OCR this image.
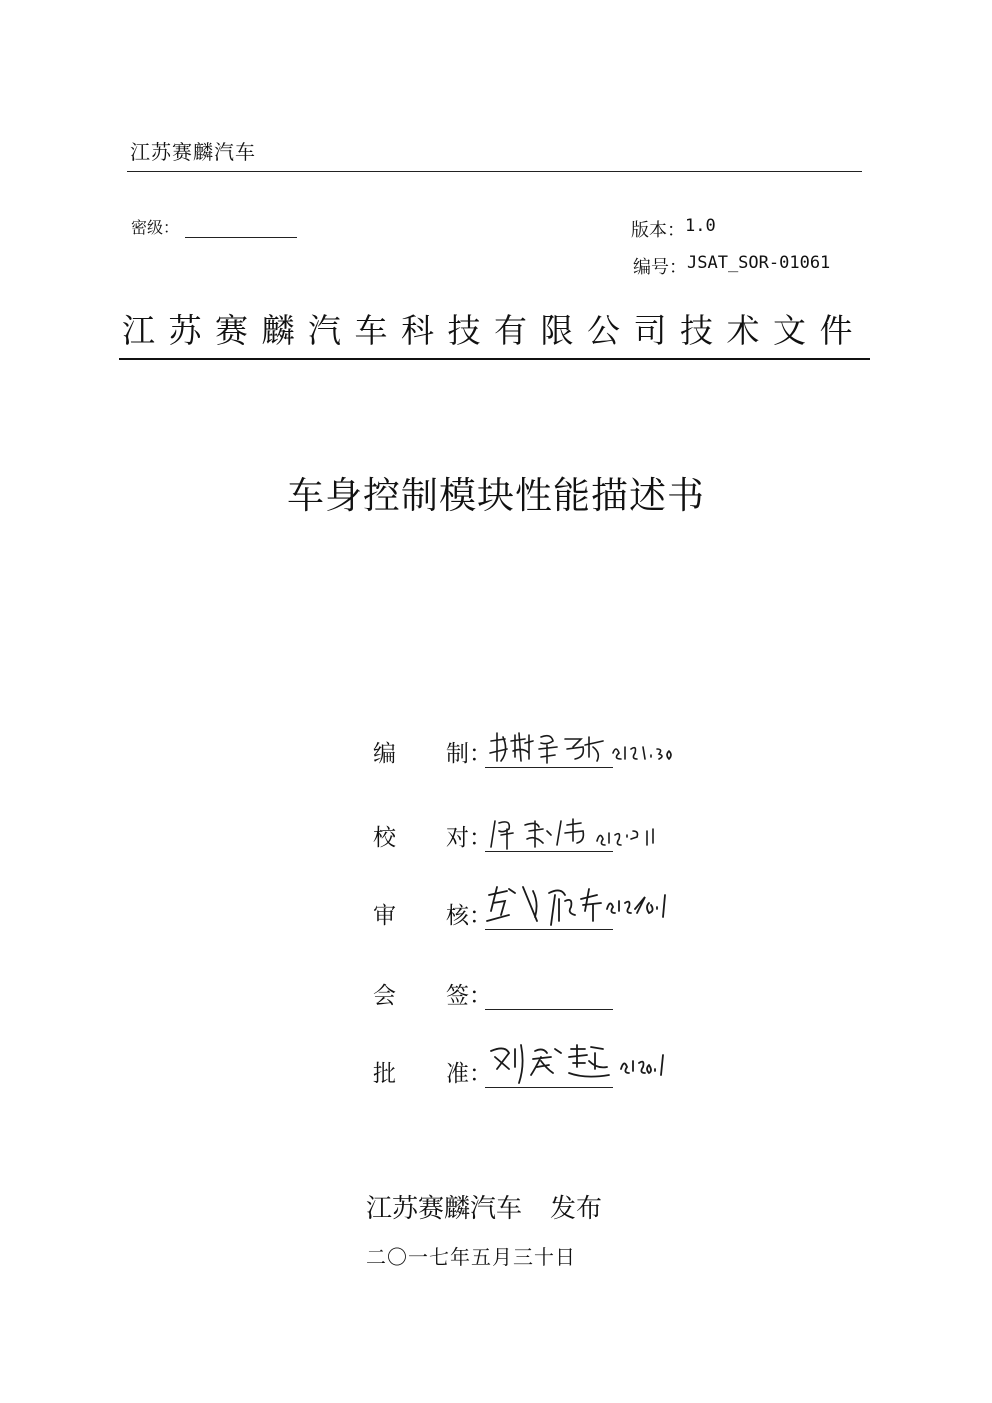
江苏赛麟汽车
密级：	版本： 1.0
编号： JSAT_SOR-01061
江苏赛麟汽车科技有限公司技术文件
车身控制模块性能描述书
编	制 ：
校	对 ：
审	核 ：
会	签 ：
批	准 ：
江苏赛麟汽车 发布
二〇一七年五月三十日
